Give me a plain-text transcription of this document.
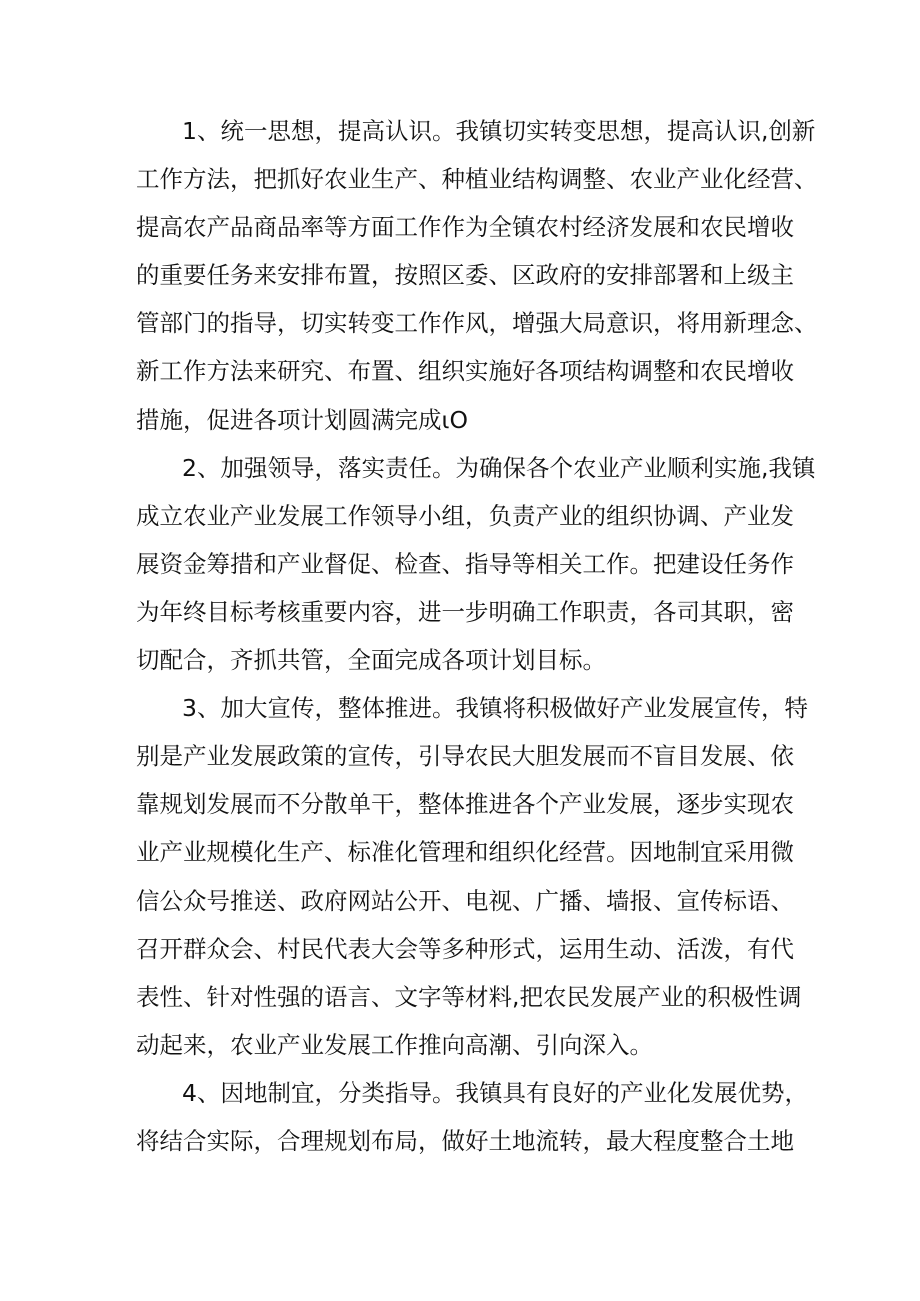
1、统一思想，提高认识。我镇切实转变思想，提高认识,创新
工作方法，把抓好农业生产、种植业结构调整、农业产业化经营、
提高农产品商品率等方面工作作为全镇农村经济发展和农民增收
的重要任务来安排布置，按照区委、区政府的安排部署和上级主
管部门的指导，切实转变工作作风，增强大局意识，将用新理念、
新工作方法来研究、布置、组织实施好各项结构调整和农民增收
措施，促进各项计划圆满完成ιO
2、加强领导，落实责任。为确保各个农业产业顺利实施,我镇
成立农业产业发展工作领导小组，负责产业的组织协调、产业发
展资金筹措和产业督促、检查、指导等相关工作。把建设任务作
为年终目标考核重要内容，进一步明确工作职责，各司其职，密
切配合，齐抓共管，全面完成各项计划目标。
3、加大宣传，整体推进。我镇将积极做好产业发展宣传，特
别是产业发展政策的宣传，引导农民大胆发展而不盲目发展、依
靠规划发展而不分散单干，整体推进各个产业发展，逐步实现农
业产业规模化生产、标准化管理和组织化经营。因地制宜采用微
信公众号推送、政府网站公开、电视、广播、墙报、宣传标语、
召开群众会、村民代表大会等多种形式，运用生动、活泼，有代
表性、针对性强的语言、文字等材料,把农民发展产业的积极性调
动起来，农业产业发展工作推向高潮、引向深入。
4、因地制宜，分类指导。我镇具有良好的产业化发展优势，
将结合实际，合理规划布局，做好土地流转，最大程度整合土地
